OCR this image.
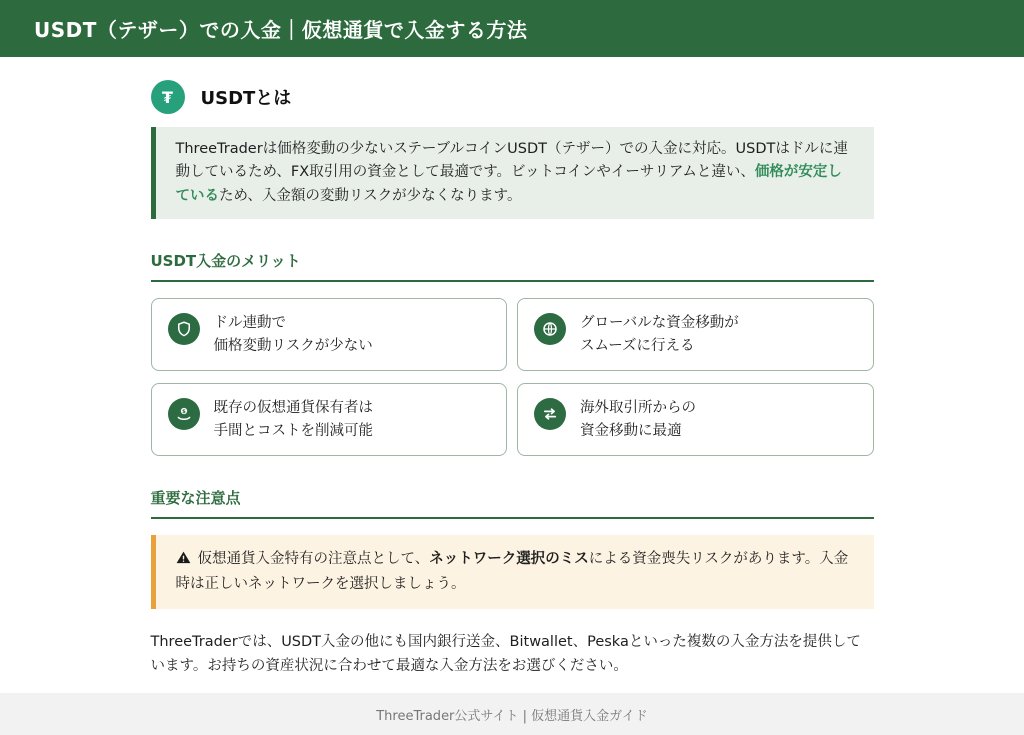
USDT（テザー）での入金｜仮想通貨で入金する方法
₮ USDTとは
ThreeTraderは価格変動の少ないステーブルコインUSDT（テザー）での入金に対応。USDTはドルに連動しているため、FX取引用の資金として最適です。ビットコインやイーサリアムと違い、価格が安定しているため、入金額の変動リスクが少なくなります。
USDT入金のメリット
ドル連動で
価格変動リスクが少ない
グローバルな資金移動が
スムーズに行える
$ 既存の仮想通貨保有者は
手間とコストを削減可能
海外取引所からの
資金移動に最適
重要な注意点
仮想通貨入金特有の注意点として、ネットワーク選択のミスによる資金喪失リスクがあります。入金時は正しいネットワークを選択しましょう。

ThreeTraderでは、USDT入金の他にも国内銀行送金、Bitwallet、Peskaといった複数の入金方法を提供しています。お持ちの資産状況に合わせて最適な入金方法をお選びください。

ThreeTrader公式サイト | 仮想通貨入金ガイド
